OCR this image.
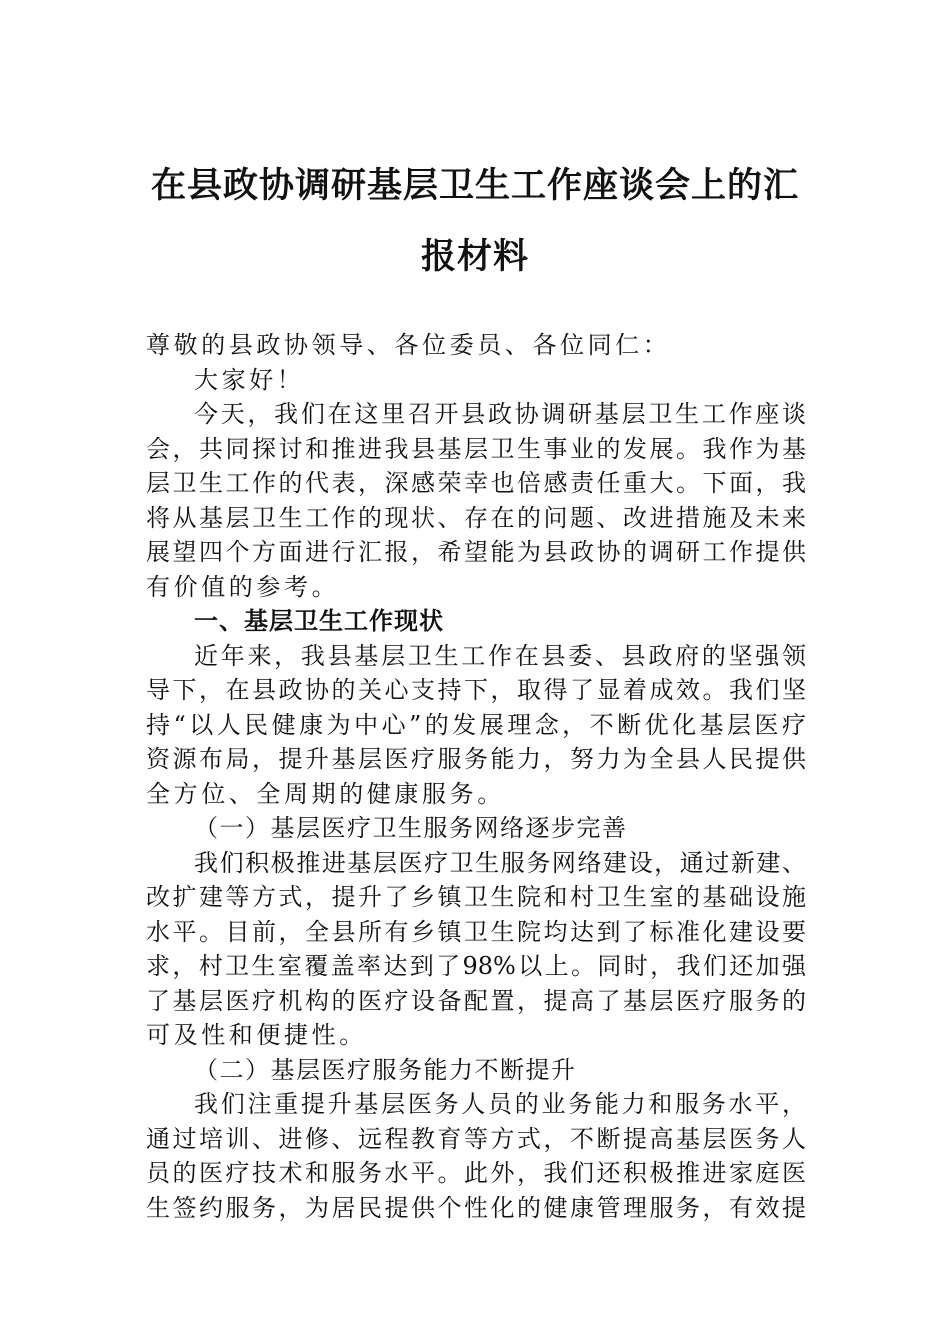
在县政协调研基层卫生工作座谈会上的汇
报材料
尊敬的县政协领导、各位委员、各位同仁：
大家好！
今天，我们在这里召开县政协调研基层卫生工作座谈
会，共同探讨和推进我县基层卫生事业的发展。我作为基
层卫生工作的代表，深感荣幸也倍感责任重大。下面，我
将从基层卫生工作的现状、存在的问题、改进措施及未来
展望四个方面进行汇报，希望能为县政协的调研工作提供
有价值的参考。
一、基层卫生工作现状
近年来，我县基层卫生工作在县委、县政府的坚强领
导下，在县政协的关心支持下，取得了显着成效。我们坚
持“以人民健康为中心”的发展理念，不断优化基层医疗
资源布局，提升基层医疗服务能力，努力为全县人民提供
全方位、全周期的健康服务。
（一）基层医疗卫生服务网络逐步完善
我们积极推进基层医疗卫生服务网络建设，通过新建、
改扩建等方式，提升了乡镇卫生院和村卫生室的基础设施
水平。目前，全县所有乡镇卫生院均达到了标准化建设要
求，村卫生室覆盖率达到了98%以上。同时，我们还加强
了基层医疗机构的医疗设备配置，提高了基层医疗服务的
可及性和便捷性。
（二）基层医疗服务能力不断提升
我们注重提升基层医务人员的业务能力和服务水平，
通过培训、进修、远程教育等方式，不断提高基层医务人
员的医疗技术和服务水平。此外，我们还积极推进家庭医
生签约服务，为居民提供个性化的健康管理服务，有效提
